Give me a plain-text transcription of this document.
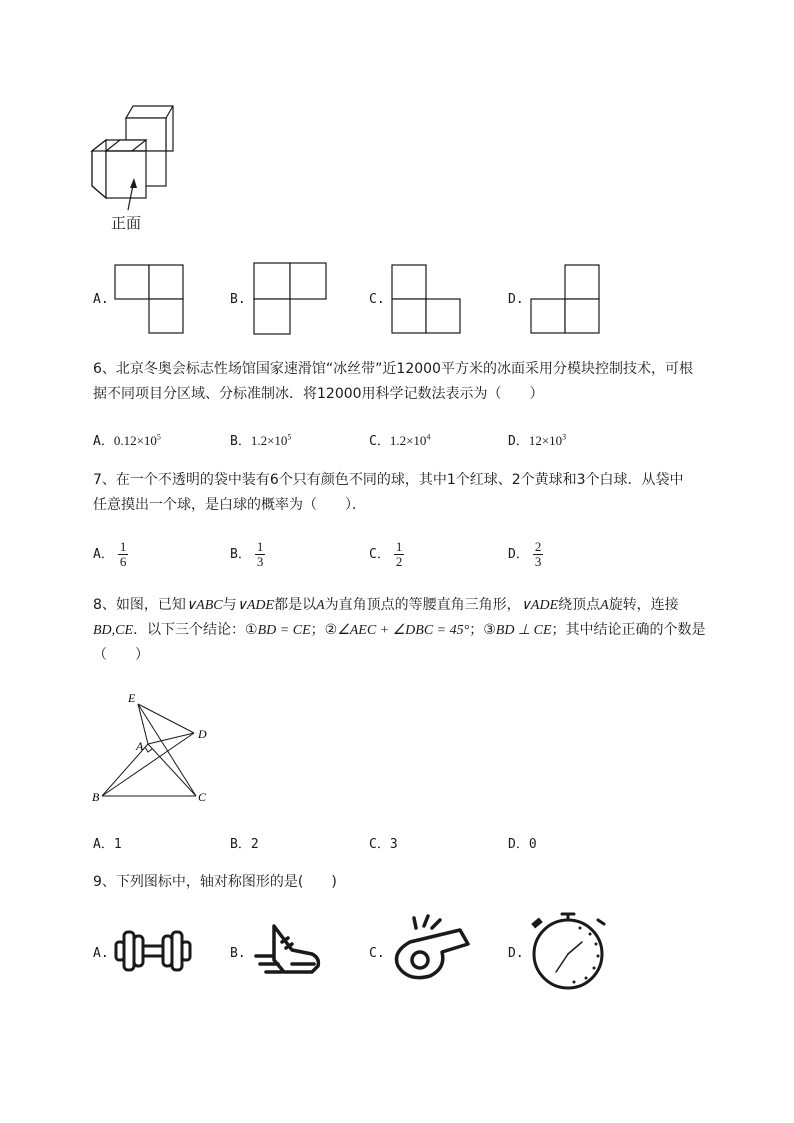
正面
A.	B.	C.	D.
6、北京冬奥会标志性场馆国家速滑馆“冰丝带”近12000平方米的冰面采用分模块控制技术，可根
据不同项目分区域、分标准制冰．将12000用科学记数法表示为（　　）
A．$0.12\times 10^5$	B．$1.2\times 10^5$	C．$1.2\times 10^4$	D．$12\times 10^3$
7、在一个不透明的袋中装有6个只有颜色不同的球，其中1个红球、2个黄球和3个白球．从袋中
任意摸出一个球，是白球的概率为（　　）．
A． $\frac{1}{6}$	B． $\frac{1}{3}$	C． $\frac{1}{2}$	D． $\frac{2}{3}$
8、如图，已知∨ABC与∨ADE都是以A为直角顶点的等腰直角三角形，∨ADE绕顶点A旋转，连接
BD,CE．以下三个结论：①BD = CE；②∠AEC + ∠DBC = 45°；③BD ⊥ CE；其中结论正确的个数是
（　　）
E
D
A
B	C
A．1	B．2	C．3	D．0
9、下列图标中，轴对称图形的是(　　)
A.	B.	C.	D.
